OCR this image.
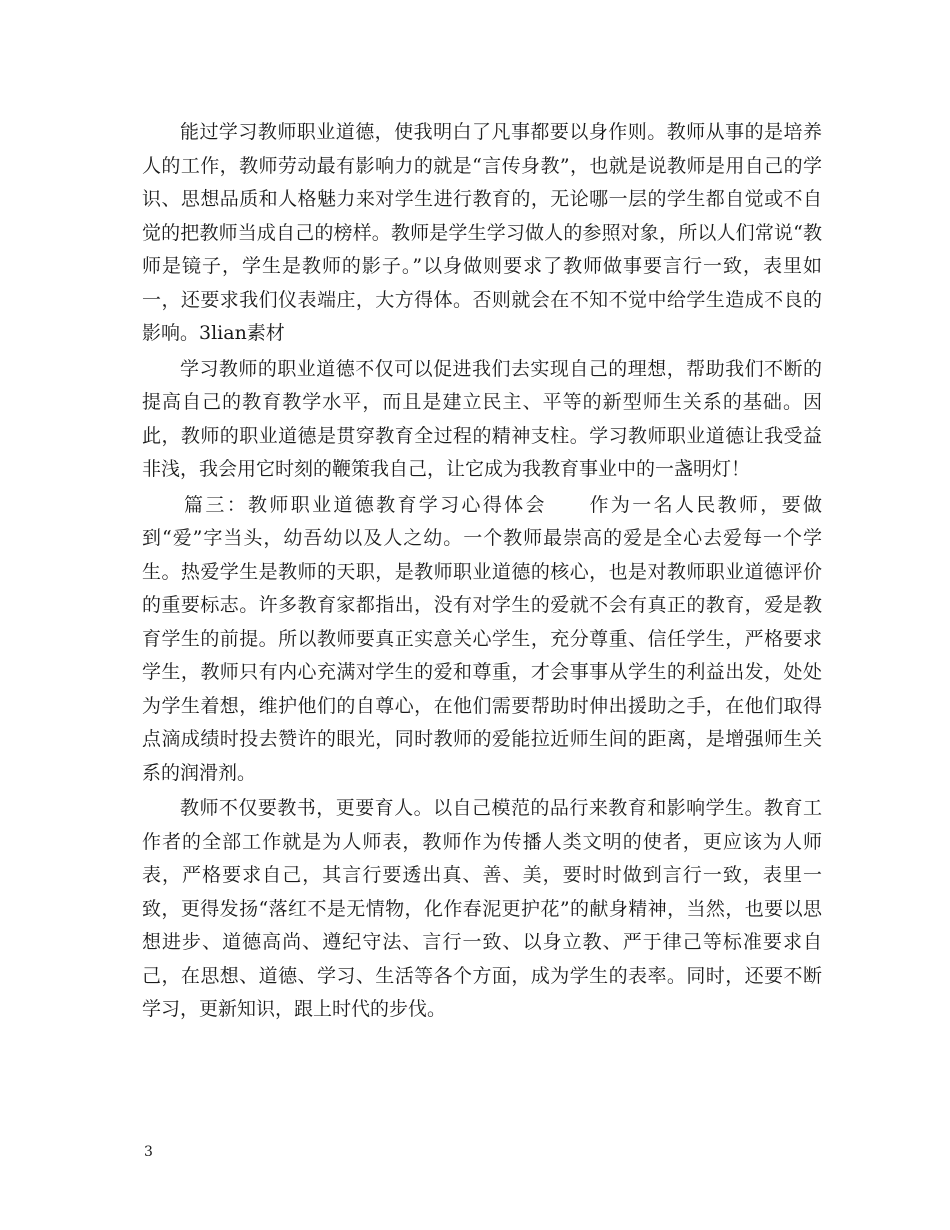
能过学习教师职业道德，使我明白了凡事都要以身作则。教师从事的是培养人的工作，教师劳动最有影响力的就是“言传身教”，也就是说教师是用自己的学识、思想品质和人格魅力来对学生进行教育的，无论哪一层的学生都自觉或不自觉的把教师当成自己的榜样。教师是学生学习做人的参照对象，所以人们常说“教师是镜子，学生是教师的影子。”以身做则要求了教师做事要言行一致，表里如一，还要求我们仪表端庄，大方得体。否则就会在不知不觉中给学生造成不良的影响。3lian素材

学习教师的职业道德不仅可以促进我们去实现自己的理想，帮助我们不断的提高自己的教育教学水平，而且是建立民主、平等的新型师生关系的基础。因此，教师的职业道德是贯穿教育全过程的精神支柱。学习教师职业道德让我受益非浅，我会用它时刻的鞭策我自己，让它成为我教育事业中的一盏明灯！

篇三：教师职业道德教育学习心得体会　　作为一名人民教师，要做到“爱”字当头，幼吾幼以及人之幼。一个教师最崇高的爱是全心去爱每一个学生。热爱学生是教师的天职，是教师职业道德的核心，也是对教师职业道德评价的重要标志。许多教育家都指出，没有对学生的爱就不会有真正的教育，爱是教育学生的前提。所以教师要真正实意关心学生，充分尊重、信任学生，严格要求学生，教师只有内心充满对学生的爱和尊重，才会事事从学生的利益出发，处处为学生着想，维护他们的自尊心，在他们需要帮助时伸出援助之手，在他们取得点滴成绩时投去赞许的眼光，同时教师的爱能拉近师生间的距离，是增强师生关系的润滑剂。

教师不仅要教书，更要育人。以自己模范的品行来教育和影响学生。教育工作者的全部工作就是为人师表，教师作为传播人类文明的使者，更应该为人师表，严格要求自己，其言行要透出真、善、美，要时时做到言行一致，表里一致，更得发扬“落红不是无情物，化作春泥更护花”的献身精神，当然，也要以思想进步、道德高尚、遵纪守法、言行一致、以身立教、严于律己等标准要求自己，在思想、道德、学习、生活等各个方面，成为学生的表率。同时，还要不断学习，更新知识，跟上时代的步伐。

3
